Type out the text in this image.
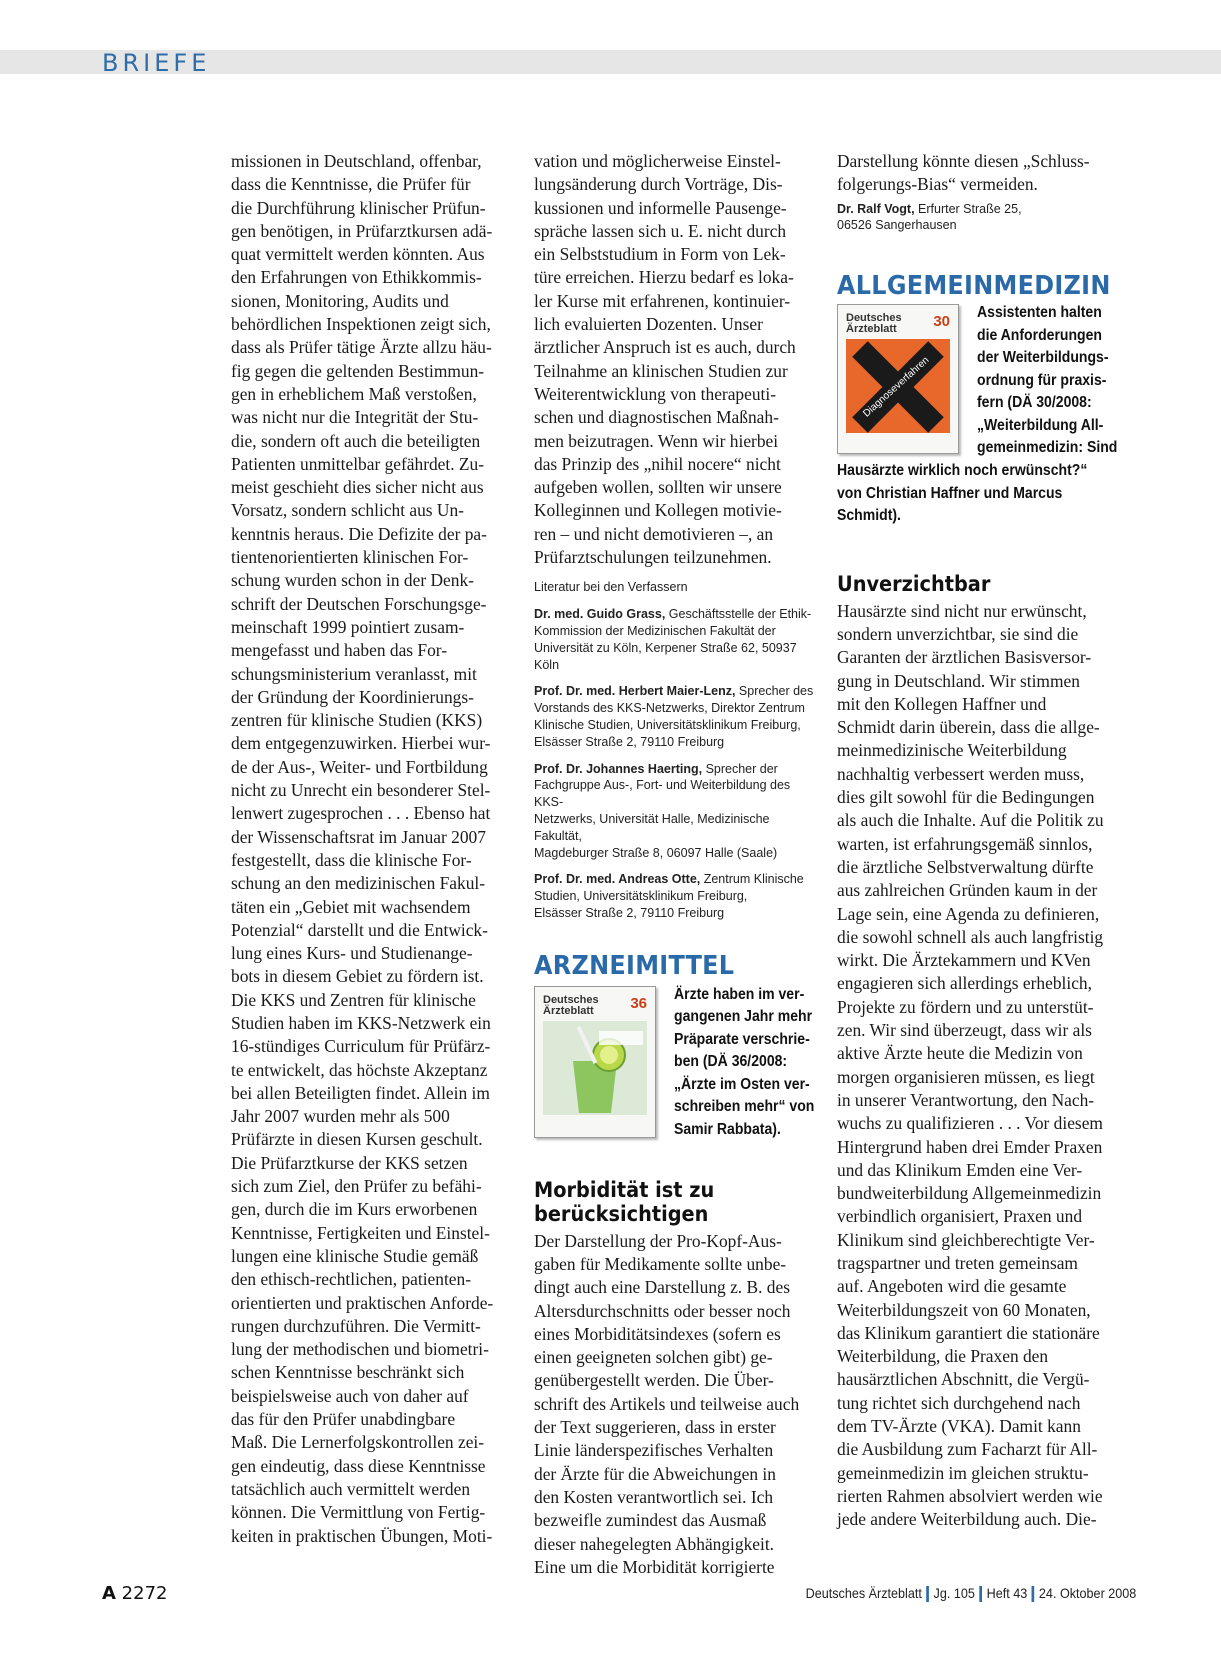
BRIEFE

missionen in Deutschland, offenbar,
dass die Kenntnisse, die Prüfer für
die Durchführung klinischer Prüfun-
gen benötigen, in Prüfarztkursen adä-
quat vermittelt werden könnten. Aus
den Erfahrungen von Ethikkommis-
sionen, Monitoring, Audits und
behördlichen Inspektionen zeigt sich,
dass als Prüfer tätige Ärzte allzu häu-
fig gegen die geltenden Bestimmun-
gen in erheblichem Maß verstoßen,
was nicht nur die Integrität der Stu-
die, sondern oft auch die beteiligten
Patienten unmittelbar gefährdet. Zu-
meist geschieht dies sicher nicht aus
Vorsatz, sondern schlicht aus Un-
kenntnis heraus. Die Defizite der pa-
tientenorientierten klinischen For-
schung wurden schon in der Denk-
schrift der Deutschen Forschungsge-
meinschaft 1999 pointiert zusam-
mengefasst und haben das For-
schungsministerium veranlasst, mit
der Gründung der Koordinierungs-
zentren für klinische Studien (KKS)
dem entgegenzuwirken. Hierbei wur-
de der Aus-, Weiter- und Fortbildung
nicht zu Unrecht ein besonderer Stel-
lenwert zugesprochen . . . Ebenso hat
der Wissenschaftsrat im Januar 2007
festgestellt, dass die klinische For-
schung an den medizinischen Fakul-
täten ein „Gebiet mit wachsendem
Potenzial“ darstellt und die Entwick-
lung eines Kurs- und Studienange-
bots in diesem Gebiet zu fördern ist.
Die KKS und Zentren für klinische
Studien haben im KKS-Netzwerk ein
16-stündiges Curriculum für Prüfärz-
te entwickelt, das höchste Akzeptanz
bei allen Beteiligten findet. Allein im
Jahr 2007 wurden mehr als 500
Prüfärzte in diesen Kursen geschult.
Die Prüfarztkurse der KKS setzen
sich zum Ziel, den Prüfer zu befähi-
gen, durch die im Kurs erworbenen
Kenntnisse, Fertigkeiten und Einstel-
lungen eine klinische Studie gemäß
den ethisch-rechtlichen, patienten-
orientierten und praktischen Anforde-
rungen durchzuführen. Die Vermitt-
lung der methodischen und biometri-
schen Kenntnisse beschränkt sich
beispielsweise auch von daher auf
das für den Prüfer unabdingbare
Maß. Die Lernerfolgskontrollen zei-
gen eindeutig, dass diese Kenntnisse
tatsächlich auch vermittelt werden
können. Die Vermittlung von Fertig-
keiten in praktischen Übungen, Moti-

vation und möglicherweise Einstel-
lungsänderung durch Vorträge, Dis-
kussionen und informelle Pausenge-
spräche lassen sich u. E. nicht durch
ein Selbststudium in Form von Lek-
türe erreichen. Hierzu bedarf es loka-
ler Kurse mit erfahrenen, kontinuier-
lich evaluierten Dozenten. Unser
ärztlicher Anspruch ist es auch, durch
Teilnahme an klinischen Studien zur
Weiterentwicklung von therapeuti-
schen und diagnostischen Maßnah-
men beizutragen. Wenn wir hierbei
das Prinzip des „nihil nocere“ nicht
aufgeben wollen, sollten wir unsere
Kolleginnen und Kollegen motivie-
ren – und nicht demotivieren –, an
Prüfarztschulungen teilzunehmen.

Literatur bei den Verfassern

Dr. med. Guido Grass, Geschäftsstelle der Ethik-
Kommission der Medizinischen Fakultät der
Universität zu Köln, Kerpener Straße 62, 50937 Köln

Prof. Dr. med. Herbert Maier-Lenz, Sprecher des
Vorstands des KKS-Netzwerks, Direktor Zentrum
Klinische Studien, Universitätsklinikum Freiburg,
Elsässer Straße 2, 79110 Freiburg

Prof. Dr. Johannes Haerting, Sprecher der
Fachgruppe Aus-, Fort- und Weiterbildung des KKS-
Netzwerks, Universität Halle, Medizinische Fakultät,
Magdeburger Straße 8, 06097 Halle (Saale)

Prof. Dr. med. Andreas Otte, Zentrum Klinische
Studien, Universitätsklinikum Freiburg,
Elsässer Straße 2, 79110 Freiburg

ARZNEIMITTEL

Deutsches
Ärzteblatt	36

Ärzte haben im ver-
gangenen Jahr mehr
Präparate verschrie-
ben (DÄ 36/2008:
„Ärzte im Osten ver-
schreiben mehr“ von
Samir Rabbata).

Morbidität ist zu
berücksichtigen

Der Darstellung der Pro-Kopf-Aus-
gaben für Medikamente sollte unbe-
dingt auch eine Darstellung z. B. des
Altersdurchschnitts oder besser noch
eines Morbiditätsindexes (sofern es
einen geeigneten solchen gibt) ge-
genübergestellt werden. Die Über-
schrift des Artikels und teilweise auch
der Text suggerieren, dass in erster
Linie länderspezifisches Verhalten
der Ärzte für die Abweichungen in
den Kosten verantwortlich sei. Ich
bezweifle zumindest das Ausmaß
dieser nahegelegten Abhängigkeit.
Eine um die Morbidität korrigierte

Darstellung könnte diesen „Schluss-
folgerungs-Bias“ vermeiden.

Dr. Ralf Vogt, Erfurter Straße 25,
06526 Sangerhausen

ALLGEMEINMEDIZIN

Deutsches
Ärzteblatt	30
Diagnoseverfahren

Assistenten halten
die Anforderungen
der Weiterbildungs-
ordnung für praxis-
fern (DÄ 30/2008:
„Weiterbildung All-
gemeinmedizin: Sind

Hausärzte wirklich noch erwünscht?“
von Christian Haffner und Marcus
Schmidt).

Unverzichtbar

Hausärzte sind nicht nur erwünscht,
sondern unverzichtbar, sie sind die
Garanten der ärztlichen Basisversor-
gung in Deutschland. Wir stimmen
mit den Kollegen Haffner und
Schmidt darin überein, dass die allge-
meinmedizinische Weiterbildung
nachhaltig verbessert werden muss,
dies gilt sowohl für die Bedingungen
als auch die Inhalte. Auf die Politik zu
warten, ist erfahrungsgemäß sinnlos,
die ärztliche Selbstverwaltung dürfte
aus zahlreichen Gründen kaum in der
Lage sein, eine Agenda zu definieren,
die sowohl schnell als auch langfristig
wirkt. Die Ärztekammern und KVen
engagieren sich allerdings erheblich,
Projekte zu fördern und zu unterstüt-
zen. Wir sind überzeugt, dass wir als
aktive Ärzte heute die Medizin von
morgen organisieren müssen, es liegt
in unserer Verantwortung, den Nach-
wuchs zu qualifizieren . . . Vor diesem
Hintergrund haben drei Emder Praxen
und das Klinikum Emden eine Ver-
bundweiterbildung Allgemeinmedizin
verbindlich organisiert, Praxen und
Klinikum sind gleichberechtigte Ver-
tragspartner und treten gemeinsam
auf. Angeboten wird die gesamte
Weiterbildungszeit von 60 Monaten,
das Klinikum garantiert die stationäre
Weiterbildung, die Praxen den
hausärztlichen Abschnitt, die Vergü-
tung richtet sich durchgehend nach
dem TV-Ärzte (VKA). Damit kann
die Ausbildung zum Facharzt für All-
gemeinmedizin im gleichen struktu-
rierten Rahmen absolviert werden wie
jede andere Weiterbildung auch. Die-

A 2272	Deutsches Ärzteblatt Jg. 105 Heft 43 24. Oktober 2008
